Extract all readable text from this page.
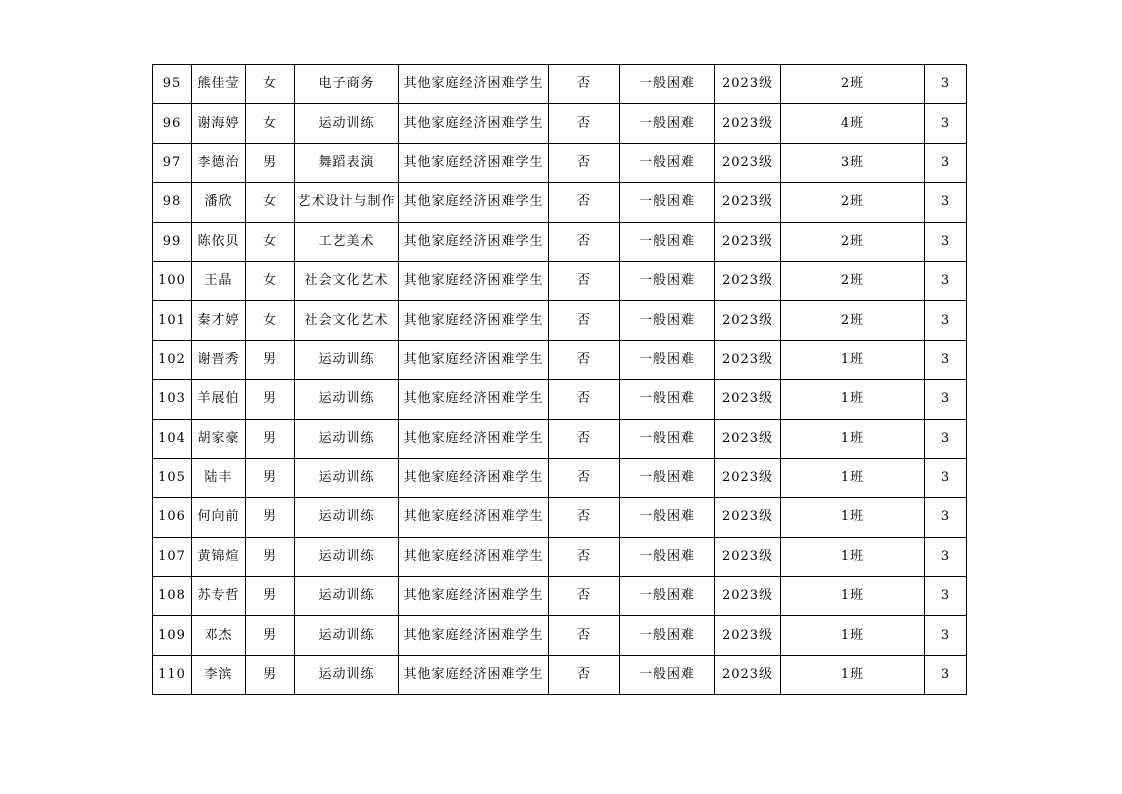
95	熊佳莹	女	电子商务	其他家庭经济困难学生	否	一般困难	2023级	2班	3
96	谢海婷	女	运动训练	其他家庭经济困难学生	否	一般困难	2023级	4班	3
97	李德治	男	舞蹈表演	其他家庭经济困难学生	否	一般困难	2023级	3班	3
98	潘欣	女	艺术设计与制作	其他家庭经济困难学生	否	一般困难	2023级	2班	3
99	陈依贝	女	工艺美术	其他家庭经济困难学生	否	一般困难	2023级	2班	3
100	王晶	女	社会文化艺术	其他家庭经济困难学生	否	一般困难	2023级	2班	3
101	秦才婷	女	社会文化艺术	其他家庭经济困难学生	否	一般困难	2023级	2班	3
102	谢晋秀	男	运动训练	其他家庭经济困难学生	否	一般困难	2023级	1班	3
103	羊展伯	男	运动训练	其他家庭经济困难学生	否	一般困难	2023级	1班	3
104	胡家豪	男	运动训练	其他家庭经济困难学生	否	一般困难	2023级	1班	3
105	陆丰	男	运动训练	其他家庭经济困难学生	否	一般困难	2023级	1班	3
106	何向前	男	运动训练	其他家庭经济困难学生	否	一般困难	2023级	1班	3
107	黄锦煊	男	运动训练	其他家庭经济困难学生	否	一般困难	2023级	1班	3
108	苏专哲	男	运动训练	其他家庭经济困难学生	否	一般困难	2023级	1班	3
109	邓杰	男	运动训练	其他家庭经济困难学生	否	一般困难	2023级	1班	3
110	李滨	男	运动训练	其他家庭经济困难学生	否	一般困难	2023级	1班	3
